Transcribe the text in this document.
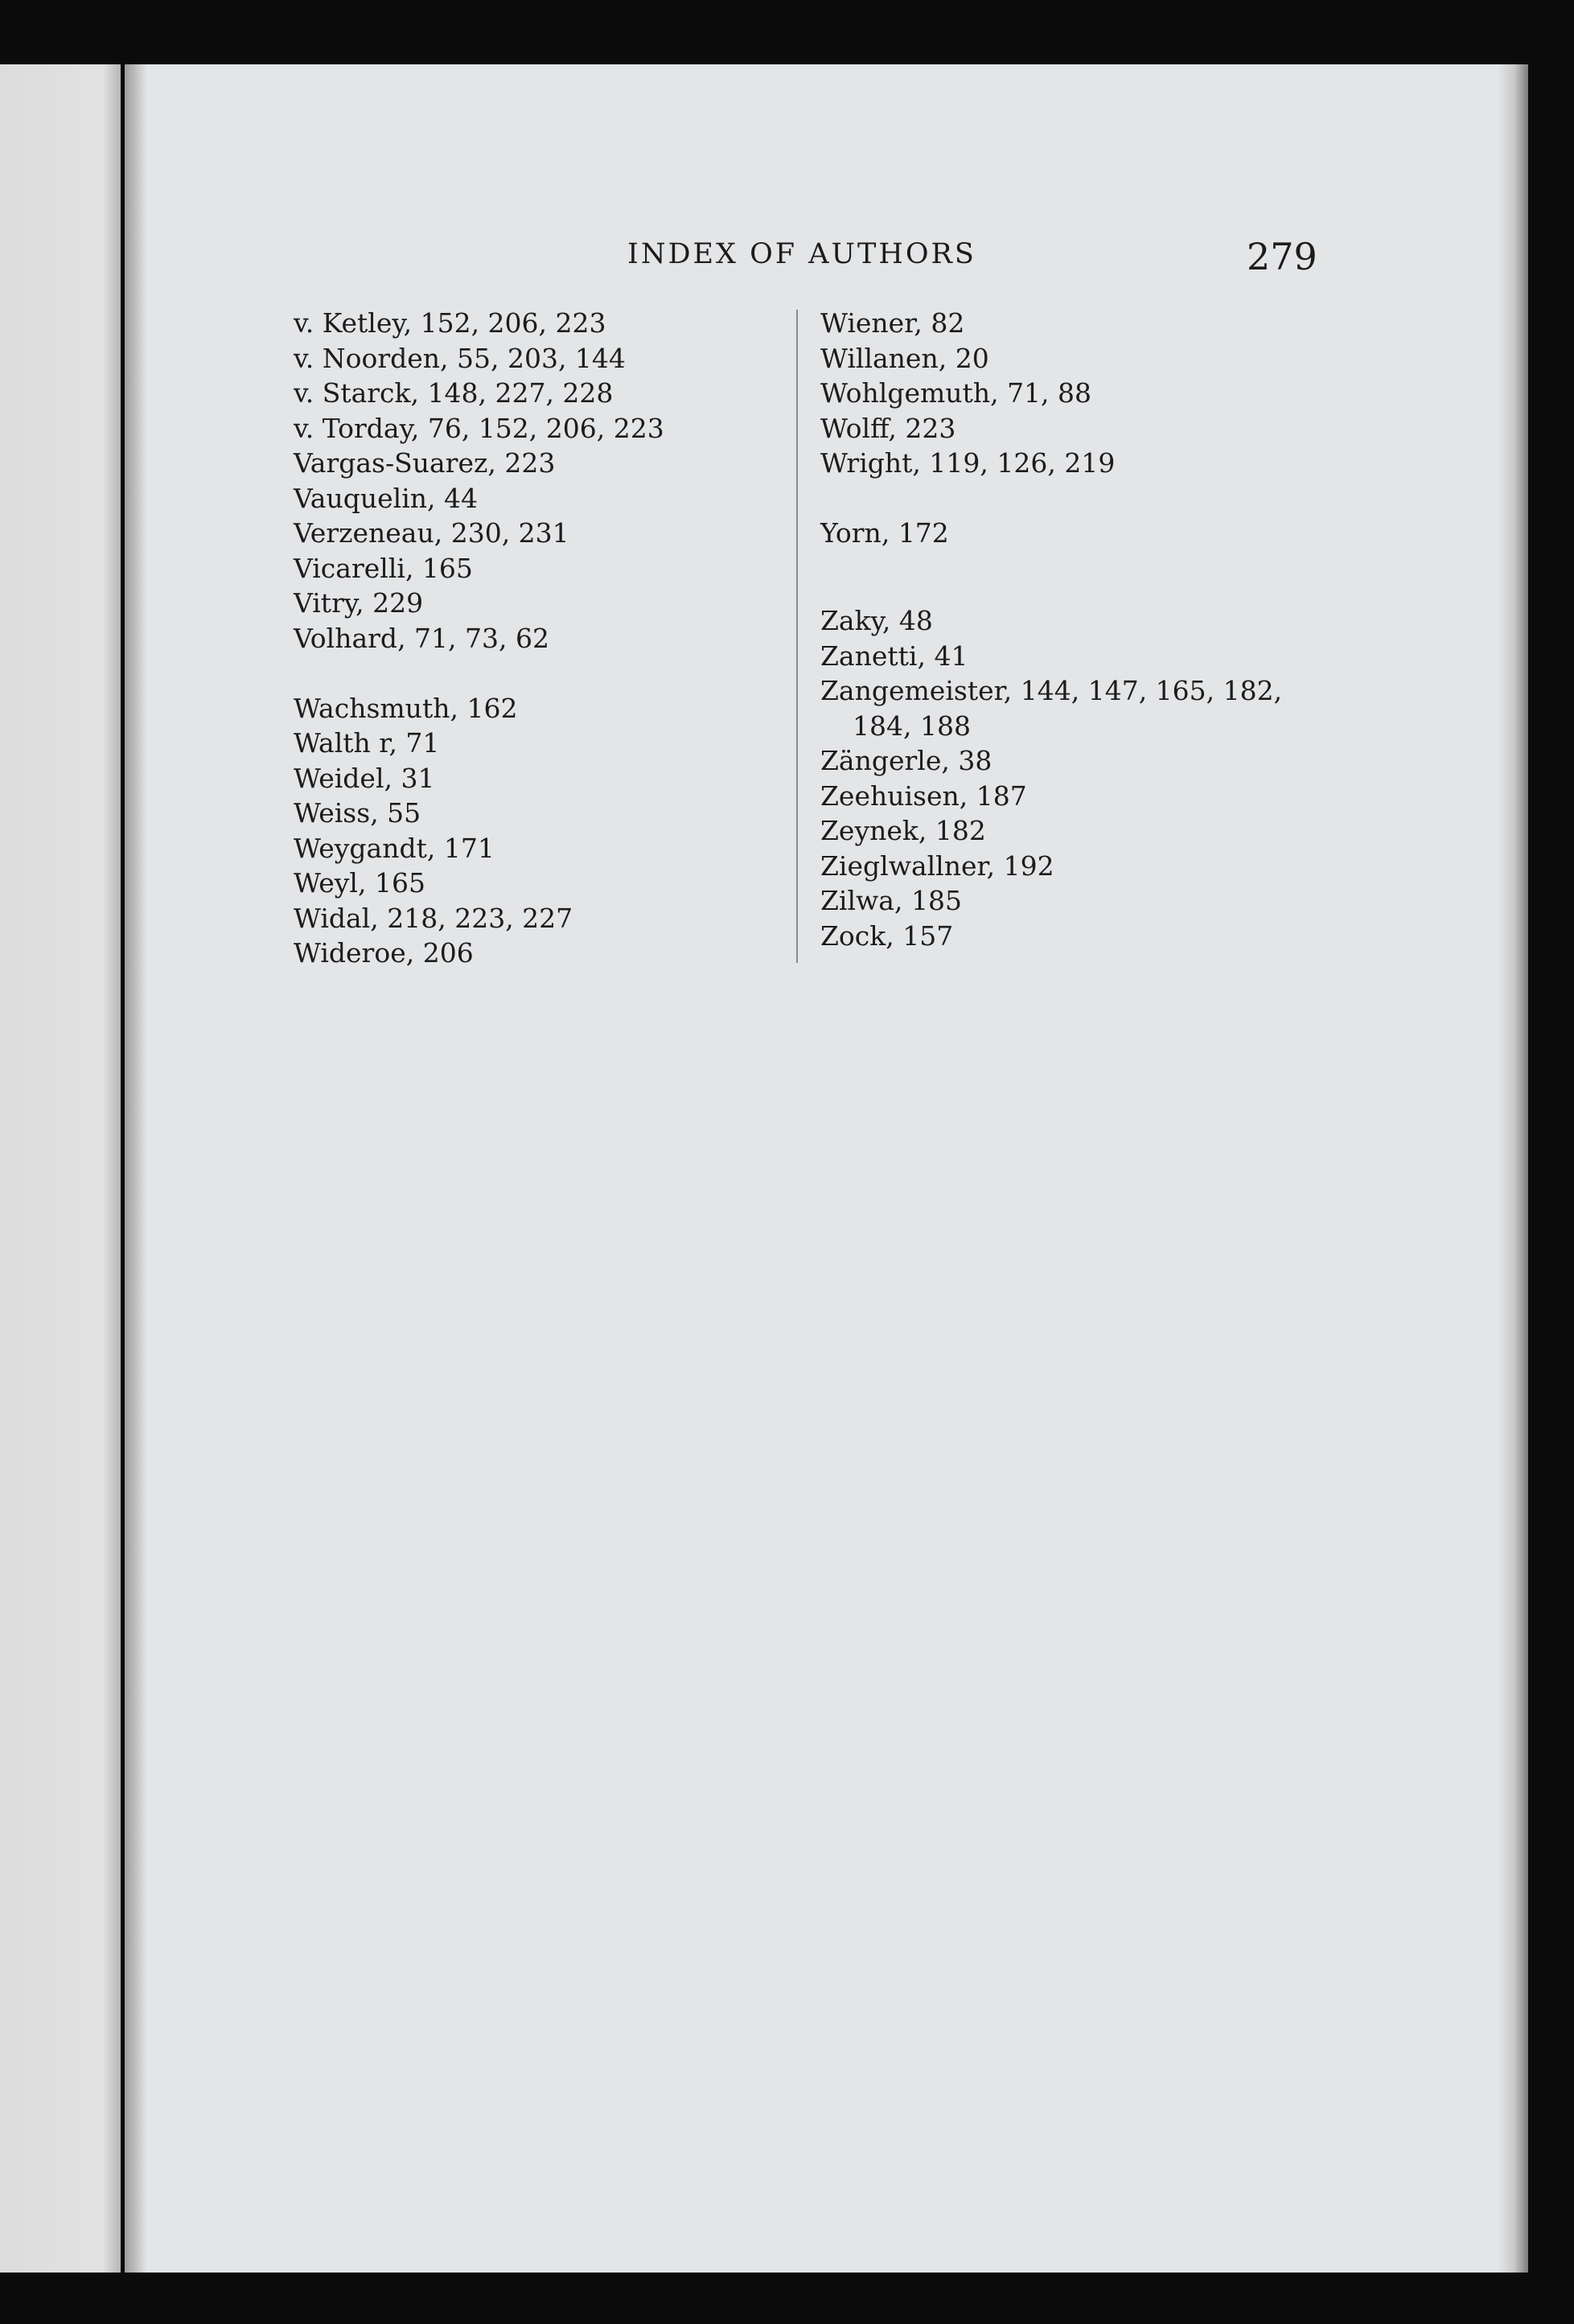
INDEX OF AUTHORS	279
v. Ketley, 152, 206, 223
v. Noorden, 55, 203, 144
v. Starck, 148, 227, 228
v. Torday, 76, 152, 206, 223
Vargas-Suarez, 223
Vauquelin, 44
Verzeneau, 230, 231
Vicarelli, 165
Vitry, 229
Volhard, 71, 73, 62
Wachsmuth, 162
Walth r, 71
Weidel, 31
Weiss, 55
Weygandt, 171
Weyl, 165
Widal, 218, 223, 227
Wideroe, 206
Wiener, 82
Willanen, 20
Wohlgemuth, 71, 88
Wolff, 223
Wright, 119, 126, 219
Yorn, 172
Zaky, 48
Zanetti, 41
Zangemeister, 144, 147, 165, 182,
184, 188
Zängerle, 38
Zeehuisen, 187
Zeynek, 182
Zieglwallner, 192
Zilwa, 185
Zock, 157
